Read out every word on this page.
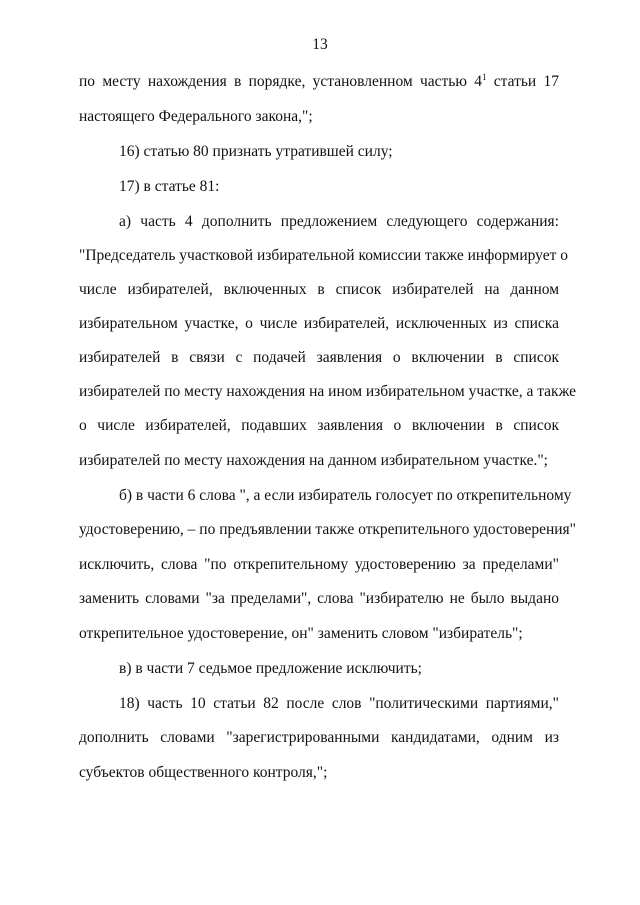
13
по месту нахождения в порядке, установленном частью $4^1$ статьи 17
настоящего Федерального закона,";
16) статью 80 признать утратившей силу;
17) в статье 81:
а) часть 4 дополнить предложением следующего содержания:
"Председатель участковой избирательной комиссии также информирует о
числе избирателей, включенных в список избирателей на данном
избирательном участке, о числе избирателей, исключенных из списка
избирателей в связи с подачей заявления о включении в список
избирателей по месту нахождения на ином избирательном участке, а также
о числе избирателей, подавших заявления о включении в список
избирателей по месту нахождения на данном избирательном участке.";
б) в части 6 слова ", а если избиратель голосует по открепительному
удостоверению, – по предъявлении также открепительного удостоверения"
исключить, слова "по открепительному удостоверению за пределами"
заменить словами "за пределами", слова "избирателю не было выдано
открепительное удостоверение, он" заменить словом "избиратель";
в) в части 7 седьмое предложение исключить;
18) часть 10 статьи 82 после слов "политическими партиями,"
дополнить словами "зарегистрированными кандидатами, одним из
субъектов общественного контроля,";
